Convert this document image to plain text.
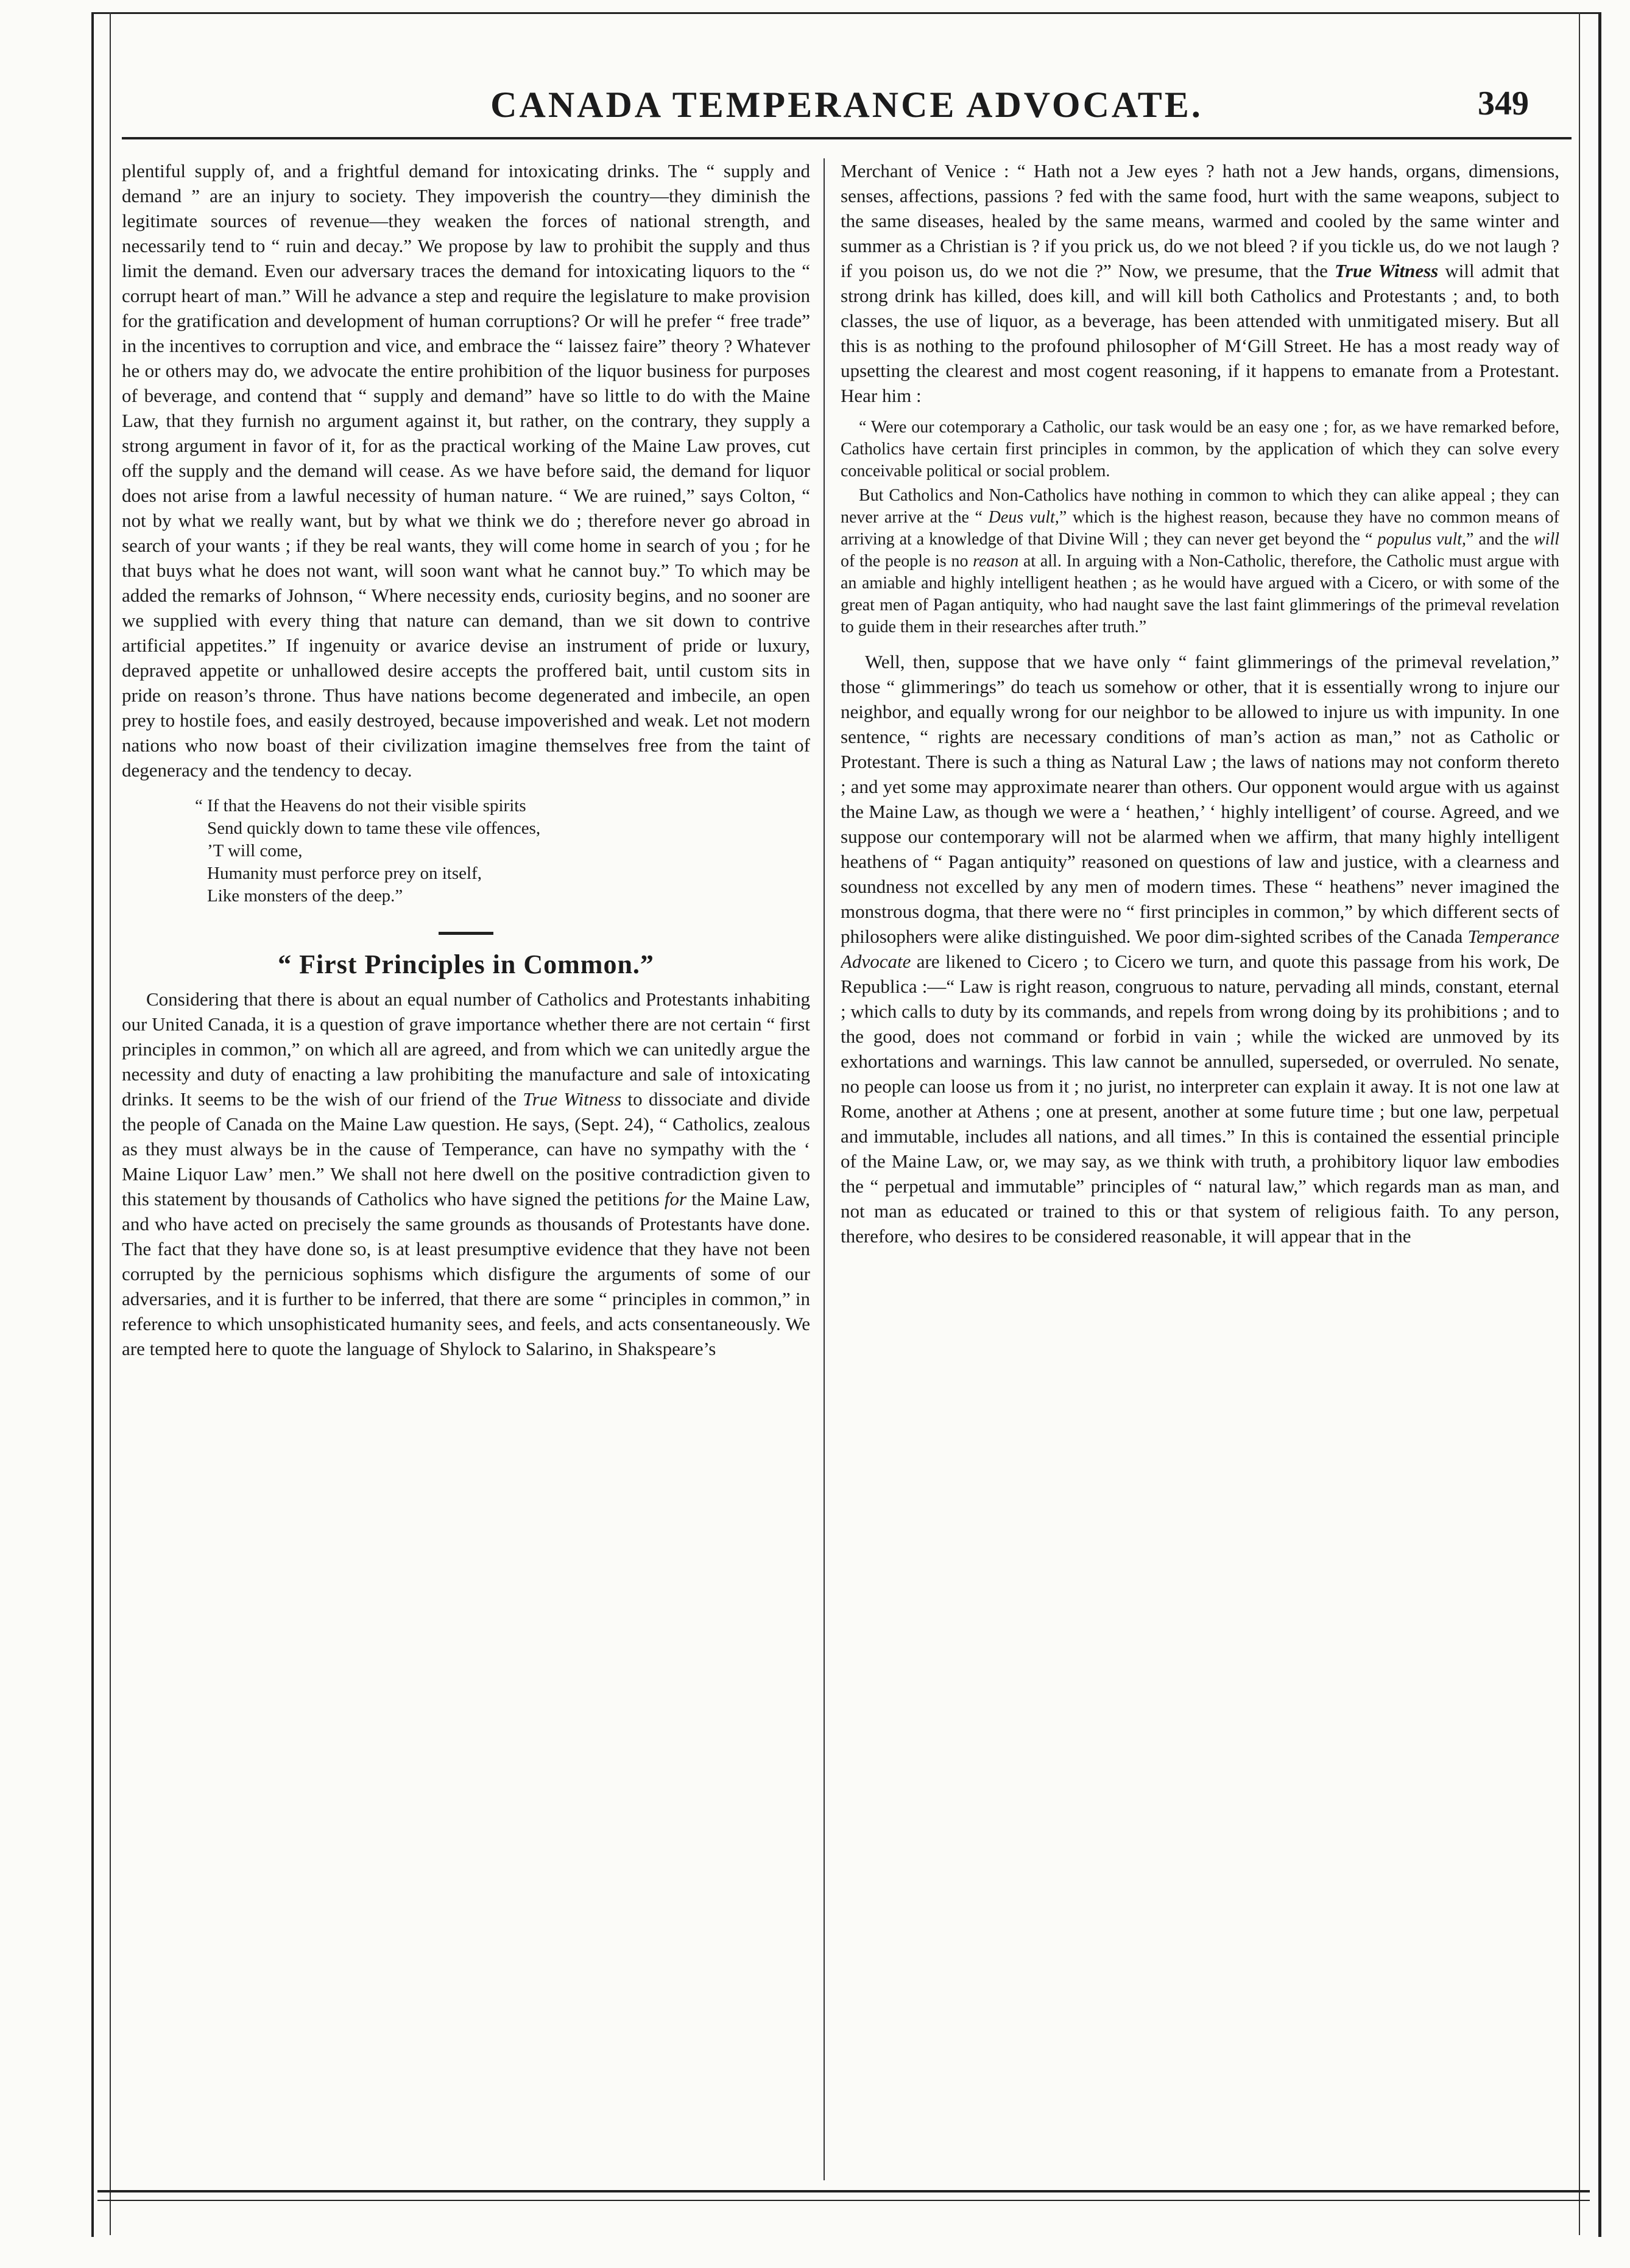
CANADA TEMPERANCE ADVOCATE.	349

plentiful supply of, and a frightful demand for intoxicating drinks. The “ supply and demand ” are an injury to society. They impoverish the country—they diminish the legitimate sources of revenue—they weaken the forces of national strength, and necessarily tend to “ ruin and decay.” We propose by law to prohibit the supply and thus limit the demand. Even our adversary traces the demand for intoxicating liquors to the “ corrupt heart of man.” Will he advance a step and require the legislature to make provision for the gratification and development of human corruptions? Or will he prefer “ free trade” in the incentives to corruption and vice, and embrace the “ laissez faire” theory ? Whatever he or others may do, we advocate the entire prohibition of the liquor business for purposes of beverage, and contend that “ supply and demand” have so little to do with the Maine Law, that they furnish no argument against it, but rather, on the contrary, they supply a strong argument in favor of it, for as the practical working of the Maine Law proves, cut off the supply and the demand will cease. As we have before said, the demand for liquor does not arise from a lawful necessity of human nature. “ We are ruined,” says Colton, “ not by what we really want, but by what we think we do ; therefore never go abroad in search of your wants ; if they be real wants, they will come home in search of you ; for he that buys what he does not want, will soon want what he cannot buy.” To which may be added the remarks of Johnson, “ Where necessity ends, curiosity begins, and no sooner are we supplied with every thing that nature can demand, than we sit down to contrive artificial appetites.” If ingenuity or avarice devise an instrument of pride or luxury, depraved appetite or unhallowed desire accepts the proffered bait, until custom sits in pride on reason’s throne. Thus have nations become degenerated and imbecile, an open prey to hostile foes, and easily destroyed, because impoverished and weak. Let not modern nations who now boast of their civilization imagine themselves free from the taint of degeneracy and the tendency to decay.

“ If that the Heavens do not their visible spirits
Send quickly down to tame these vile offences,
’T will come,
Humanity must perforce prey on itself,
Like monsters of the deep.”
“ First Principles in Common.”

Considering that there is about an equal number of Catholics and Protestants inhabiting our United Canada, it is a question of grave importance whether there are not certain “ first principles in common,” on which all are agreed, and from which we can unitedly argue the necessity and duty of enacting a law prohibiting the manufacture and sale of intoxicating drinks. It seems to be the wish of our friend of the True Witness to dissociate and divide the people of Canada on the Maine Law question. He says, (Sept. 24), “ Catholics, zealous as they must always be in the cause of Temperance, can have no sympathy with the ‘ Maine Liquor Law’ men.” We shall not here dwell on the positive contradiction given to this statement by thousands of Catholics who have signed the petitions for the Maine Law, and who have acted on precisely the same grounds as thousands of Protestants have done. The fact that they have done so, is at least presumptive evidence that they have not been corrupted by the pernicious sophisms which disfigure the arguments of some of our adversaries, and it is further to be inferred, that there are some “ principles in common,” in reference to which unsophisticated humanity sees, and feels, and acts consentaneously. We are tempted here to quote the language of Shylock to Salarino, in Shakspeare’s

Merchant of Venice : “ Hath not a Jew eyes ? hath not a Jew hands, organs, dimensions, senses, affections, passions ? fed with the same food, hurt with the same weapons, subject to the same diseases, healed by the same means, warmed and cooled by the same winter and summer as a Christian is ? if you prick us, do we not bleed ? if you tickle us, do we not laugh ? if you poison us, do we not die ?” Now, we presume, that the True Witness will admit that strong drink has killed, does kill, and will kill both Catholics and Protestants ; and, to both classes, the use of liquor, as a beverage, has been attended with unmitigated misery. But all this is as nothing to the profound philosopher of M‘Gill Street. He has a most ready way of upsetting the clearest and most cogent reasoning, if it happens to emanate from a Protestant. Hear him :

“ Were our cotemporary a Catholic, our task would be an easy one ; for, as we have remarked before, Catholics have certain first principles in common, by the application of which they can solve every conceivable political or social problem.

But Catholics and Non-Catholics have nothing in common to which they can alike appeal ; they can never arrive at the “ Deus vult,” which is the highest reason, because they have no common means of arriving at a knowledge of that Divine Will ; they can never get beyond the “ populus vult,” and the will of the people is no reason at all. In arguing with a Non-Catholic, therefore, the Catholic must argue with an amiable and highly intelligent heathen ; as he would have argued with a Cicero, or with some of the great men of Pagan antiquity, who had naught save the last faint glimmerings of the primeval revelation to guide them in their researches after truth.”

Well, then, suppose that we have only “ faint glimmerings of the primeval revelation,” those “ glimmerings” do teach us somehow or other, that it is essentially wrong to injure our neighbor, and equally wrong for our neighbor to be allowed to injure us with impunity. In one sentence, “ rights are necessary conditions of man’s action as man,” not as Catholic or Protestant. There is such a thing as Natural Law ; the laws of nations may not conform thereto ; and yet some may approximate nearer than others. Our opponent would argue with us against the Maine Law, as though we were a ‘ heathen,’ ‘ highly intelligent’ of course. Agreed, and we suppose our contemporary will not be alarmed when we affirm, that many highly intelligent heathens of “ Pagan antiquity” reasoned on questions of law and justice, with a clearness and soundness not excelled by any men of modern times. These “ heathens” never imagined the monstrous dogma, that there were no “ first principles in common,” by which different sects of philosophers were alike distinguished. We poor dim-sighted scribes of the Canada Temperance Advocate are likened to Cicero ; to Cicero we turn, and quote this passage from his work, De Republica :—“ Law is right reason, congruous to nature, pervading all minds, constant, eternal ; which calls to duty by its commands, and repels from wrong doing by its prohibitions ; and to the good, does not command or forbid in vain ; while the wicked are unmoved by its exhortations and warnings. This law cannot be annulled, superseded, or overruled. No senate, no people can loose us from it ; no jurist, no interpreter can explain it away. It is not one law at Rome, another at Athens ; one at present, another at some future time ; but one law, perpetual and immutable, includes all nations, and all times.” In this is contained the essential principle of the Maine Law, or, we may say, as we think with truth, a prohibitory liquor law embodies the “ perpetual and immutable” principles of “ natural law,” which regards man as man, and not man as educated or trained to this or that system of religious faith. To any person, therefore, who desires to be considered reasonable, it will appear that in the
